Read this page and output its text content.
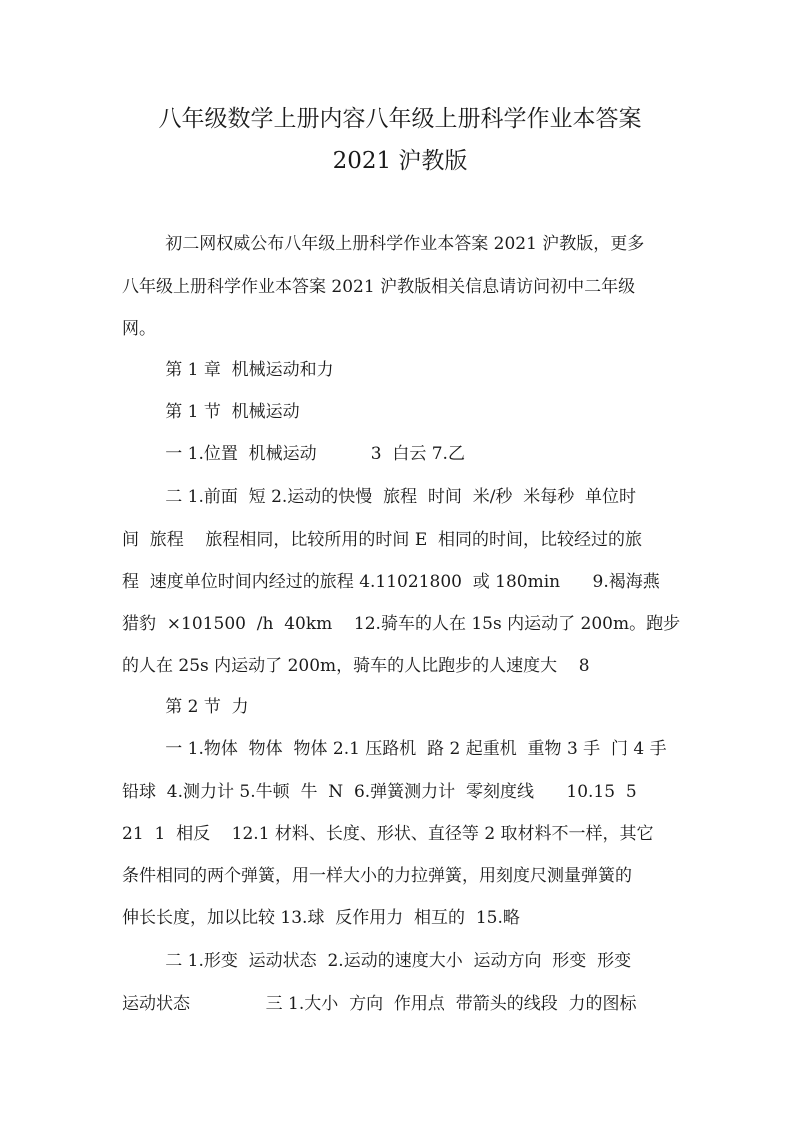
八年级数学上册内容八年级上册科学作业本答案
2021 沪教版
初二网权威公布八年级上册科学作业本答案 2021 沪教版，更多
八年级上册科学作业本答案 2021 沪教版相关信息请访问初中二年级
网。
第 1 章  机械运动和力
第 1 节  机械运动
一 1.位置  机械运动          3  白云 7.乙
二 1.前面  短 2.运动的快慢  旅程  时间  米/秒  米每秒  单位时
间  旅程    旅程相同，比较所用的时间 E  相同的时间，比较经过的旅
程  速度单位时间内经过的旅程 4.11021800  或 180min      9.褐海燕
猎豹  ×101500  /h  40km    12.骑车的人在 15s 内运动了 200m。跑步
的人在 25s 内运动了 200m，骑车的人比跑步的人速度大    8
第 2 节  力
一 1.物体  物体  物体 2.1 压路机  路 2 起重机  重物 3 手  门 4 手
铅球  4.测力计 5.牛顿  牛  N  6.弹簧测力计  零刻度线      10.15  5
21  1  相反    12.1 材料、长度、形状、直径等 2 取材料不一样，其它
条件相同的两个弹簧，用一样大小的力拉弹簧，用刻度尺测量弹簧的
伸长长度，加以比较 13.球  反作用力  相互的  15.略
二 1.形变  运动状态  2.运动的速度大小  运动方向  形变  形变
运动状态              三 1.大小  方向  作用点  带箭头的线段  力的图标
